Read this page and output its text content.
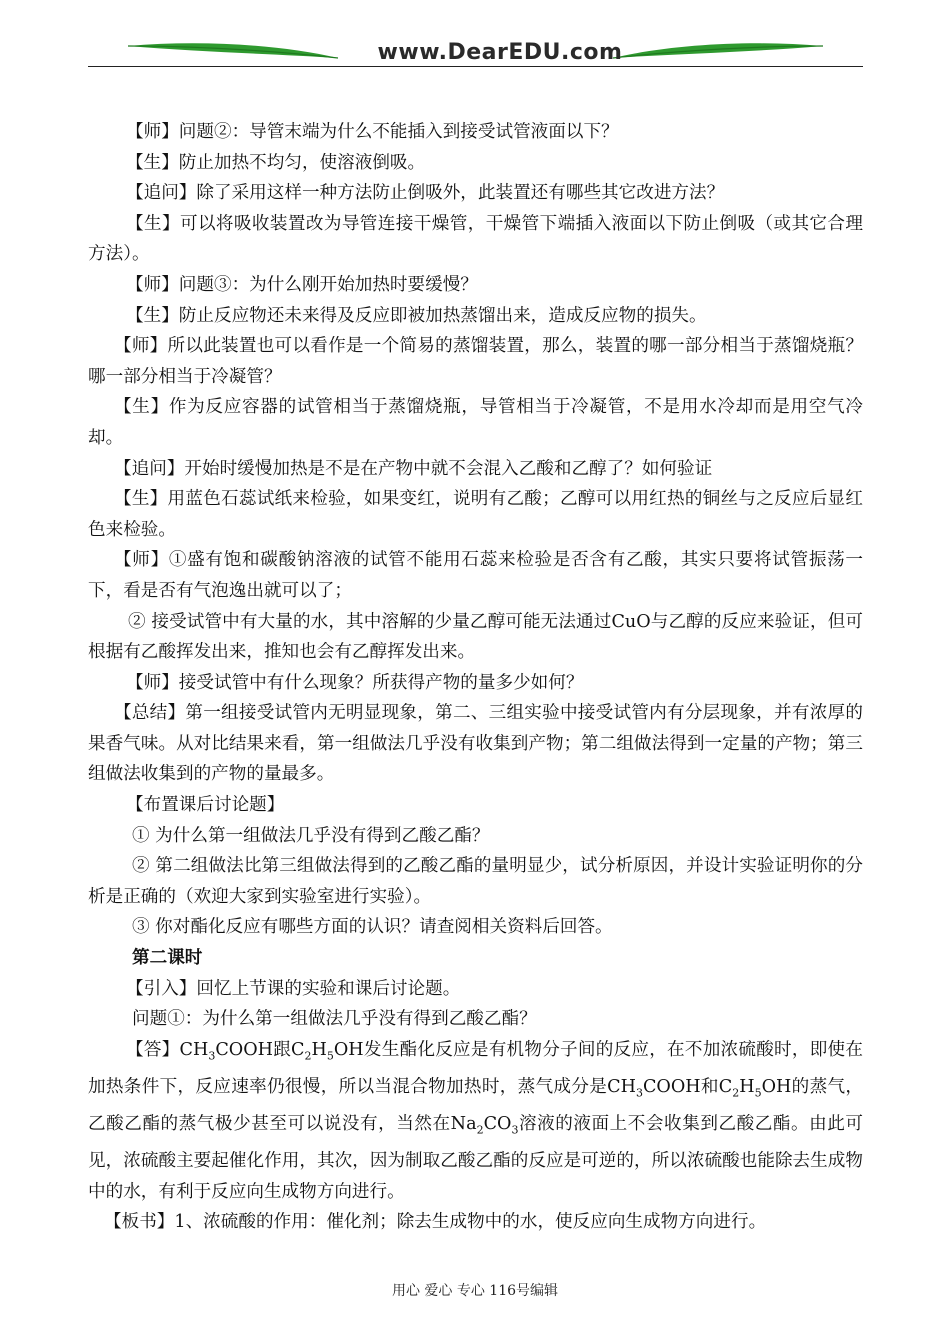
www.DearEDU.com

【师】问题②：导管末端为什么不能插入到接受试管液面以下？

【生】防止加热不均匀，使溶液倒吸。

【追问】除了采用这样一种方法防止倒吸外，此装置还有哪些其它改进方法？

【生】可以将吸收装置改为导管连接干燥管，干燥管下端插入液面以下防止倒吸（或其它合理方法）。

【师】问题③：为什么刚开始加热时要缓慢？

【生】防止反应物还未来得及反应即被加热蒸馏出来，造成反应物的损失。

【师】所以此装置也可以看作是一个简易的蒸馏装置，那么，装置的哪一部分相当于蒸馏烧瓶？哪一部分相当于冷凝管？

【生】作为反应容器的试管相当于蒸馏烧瓶，导管相当于冷凝管，不是用水冷却而是用空气冷却。

【追问】开始时缓慢加热是不是在产物中就不会混入乙酸和乙醇了？如何验证

【生】用蓝色石蕊试纸来检验，如果变红，说明有乙酸；乙醇可以用红热的铜丝与之反应后显红色来检验。

【师】①盛有饱和碳酸钠溶液的试管不能用石蕊来检验是否含有乙酸，其实只要将试管振荡一下，看是否有气泡逸出就可以了；

② 接受试管中有大量的水，其中溶解的少量乙醇可能无法通过CuO与乙醇的反应来验证，但可根据有乙酸挥发出来，推知也会有乙醇挥发出来。

【师】接受试管中有什么现象？所获得产物的量多少如何？

【总结】第一组接受试管内无明显现象，第二、三组实验中接受试管内有分层现象，并有浓厚的果香气味。从对比结果来看，第一组做法几乎没有收集到产物；第二组做法得到一定量的产物；第三组做法收集到的产物的量最多。

【布置课后讨论题】

① 为什么第一组做法几乎没有得到乙酸乙酯？

② 第二组做法比第三组做法得到的乙酸乙酯的量明显少，试分析原因，并设计实验证明你的分析是正确的（欢迎大家到实验室进行实验）。

③ 你对酯化反应有哪些方面的认识？请查阅相关资料后回答。

第二课时

【引入】回忆上节课的实验和课后讨论题。

问题①：为什么第一组做法几乎没有得到乙酸乙酯？

【答】$CH_3COOH$跟$C_2H_5OH$发生酯化反应是有机物分子间的反应，在不加浓硫酸时，即使在加热条件下，反应速率仍很慢，所以当混合物加热时，蒸气成分是$CH_3COOH$和$C_2H_5OH$的蒸气，乙酸乙酯的蒸气极少甚至可以说没有，当然在$Na_2CO_3$溶液的液面上不会收集到乙酸乙酯。由此可见，浓硫酸主要起催化作用，其次，因为制取乙酸乙酯的反应是可逆的，所以浓硫酸也能除去生成物中的水，有利于反应向生成物方向进行。

【板书】1、浓硫酸的作用：催化剂；除去生成物中的水，使反应向生成物方向进行。

用心 爱心 专心 116号编辑
